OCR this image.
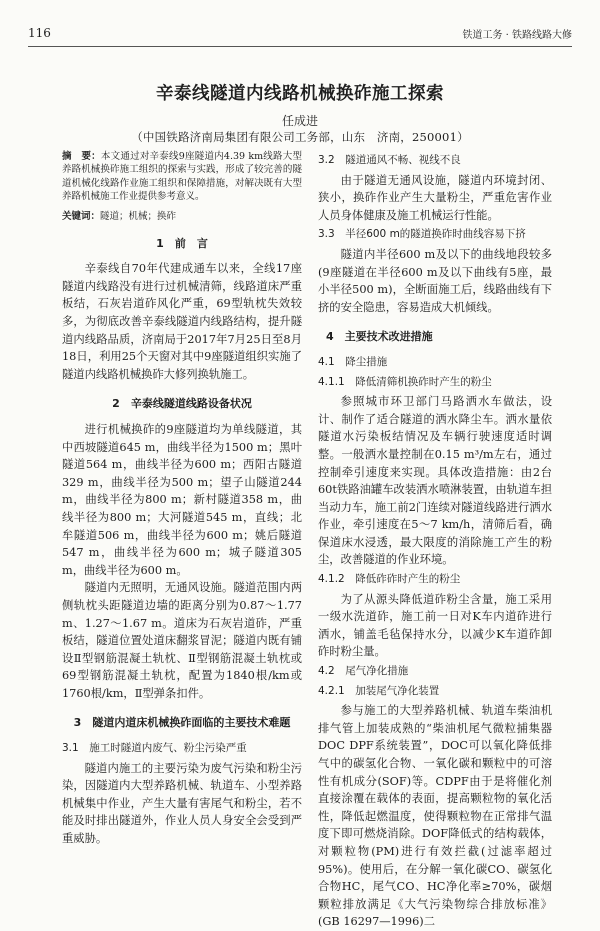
116	铁道工务 · 铁路线路大修
辛泰线隧道内线路机械换砟施工探索
任成进
（中国铁路济南局集团有限公司工务部，山东　济南，250001）
摘　要：本文通过对辛泰线9座隧道内4.39 km线路大型养路机械换砟施工组织的探索与实践，形成了较完善的隧道机械化线路作业施工组织和保障措施，对解决既有大型养路机械施工作业提供参考意义。
关键词：隧道；机械；换砟
1　前　言

辛泰线自70年代建成通车以来，全线17座隧道内线路没有进行过机械清筛，线路道床严重板结，石灰岩道砟风化严重，69型轨枕失效较多，为彻底改善辛泰线隧道内线路结构，提升隧道内线路品质，济南局于2017年7月25日至8月18日，利用25个天窗对其中9座隧道组织实施了隧道内线路机械换砟大修列换轨施工。

2　辛泰线隧道线路设备状况

进行机械换砟的9座隧道均为单线隧道，其中西坡隧道645 m，曲线半径为1500 m；黑叶隧道564 m，曲线半径为600 m；西阳古隧道329 m，曲线半径为500 m；望子山隧道244 m，曲线半径为800 m；新村隧道358 m，曲线半径为800 m；大河隧道545 m，直线；北牟隧道506 m，曲线半径为600 m；姚后隧道547 m，曲线半径为600 m；城子隧道305 m，曲线半径为600 m。

隧道内无照明，无通风设施。隧道范围内两侧轨枕头距隧道边墙的距离分别为0.87～1.77 m、1.27～1.67 m。道床为石灰岩道砟，严重板结，隧道位置处道床翻浆冒泥；隧道内既有铺设Ⅱ型钢筋混凝土轨枕、Ⅱ型钢筋混凝土轨枕或69型钢筋混凝土轨枕，配置为1840根/km或1760根/km，Ⅱ型弹条扣件。

3　隧道内道床机械换砟面临的主要技术难题
3.1　施工时隧道内废气、粉尘污染严重

隧道内施工的主要污染为废气污染和粉尘污染，因隧道内大型养路机械、轨道车、小型养路机械集中作业，产生大量有害尾气和粉尘，若不能及时排出隧道外，作业人员人身安全会受到严重威胁。

3.2　隧道通风不畅、视线不良

由于隧道无通风设施，隧道内环境封闭、狭小，换砟作业产生大量粉尘，严重危害作业人员身体健康及施工机械运行性能。

3.3　半径600 m的隧道换砟时曲线容易下挤

隧道内半径600 m及以下的曲线地段较多(9座隧道在半径600 m及以下曲线有5座，最小半径500 m)，全断面施工后，线路曲线有下挤的安全隐患，容易造成大机倾线。

4　主要技术改进措施
4.1　降尘措施
4.1.1　降低清筛机换砟时产生的粉尘

参照城市环卫部门马路洒水车做法，设计、制作了适合隧道的洒水降尘车。洒水量依隧道水污染板结情况及车辆行驶速度适时调整。一般洒水量控制在0.15 m³/m左右，通过控制牵引速度来实现。具体改造措施：由2台60t铁路油罐车改装洒水喷淋装置，由轨道车担当动力车，施工前2门连续对隧道线路进行洒水作业，牵引速度在5～7 km/h，清筛后看，确保道床水浸透，最大限度的消除施工产生的粉尘，改善隧道的作业环境。

4.1.2　降低砟砟时产生的粉尘

为了从源头降低道砟粉尘含量，施工采用一级水洗道砟，施工前一日对K车内道砟进行洒水，铺盖毛毡保持水分，以减少K车道砟卸砟时粉尘量。

4.2　尾气净化措施
4.2.1　加装尾气净化装置

参与施工的大型养路机械、轨道车柴油机排气管上加装成熟的“柴油机尾气微粒捕集器DOC DPF系统装置”，DOC可以氧化降低排气中的碳氢化合物、一氧化碳和颗粒中的可溶性有机成分(SOF)等。CDPF由于是将催化剂直接涂覆在载体的表面，提高颗粒物的氧化活性，降低起燃温度，使得颗粒物在正常排气温度下即可燃烧消除。DOF降低式的结构载体，对颗粒物(PM)进行有效拦截(过滤率超过95%)。使用后，在分解一氧化碳CO、碳氢化合物HC，尾气CO、HC净化率≥70%，碳烟颗粒排放满足《大气污染物综合排放标准》(GB 16297—1996)二
